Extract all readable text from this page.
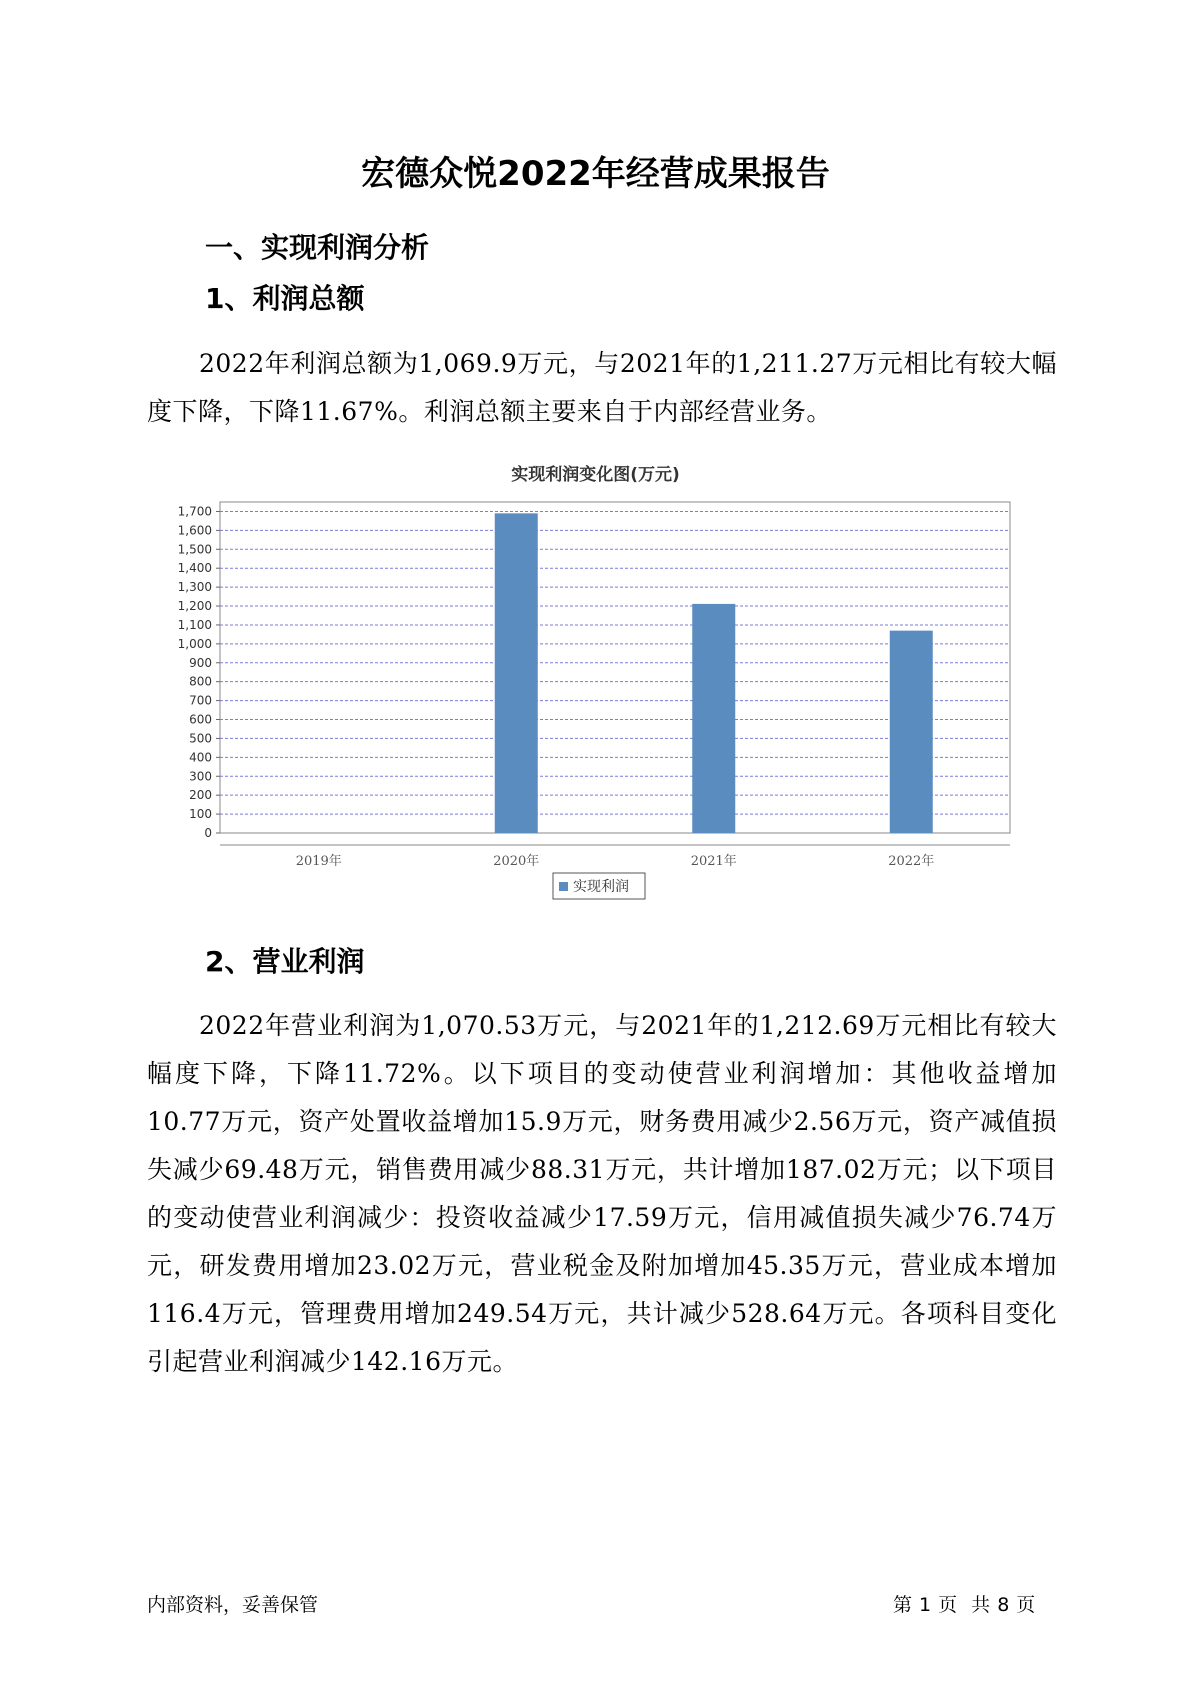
宏德众悦2022年经营成果报告
一、实现利润分析
1、利润总额
2022年利润总额为1,069.9万元，与2021年的1,211.27万元相比有较大幅度下降，下降11.67%。利润总额主要来自于内部经营业务。
实现利润变化图(万元)
0
100
200
300
400
500
600
700
800
900
1,000
1,100
1,200
1,300
1,400
1,500
1,600
1,700
2019年	2020年	2021年	2022年
实现利润
2、营业利润
2022年营业利润为1,070.53万元，与2021年的1,212.69万元相比有较大幅度下降，下降11.72%。以下项目的变动使营业利润增加：其他收益增加10.77万元，资产处置收益增加15.9万元，财务费用减少2.56万元，资产减值损失减少69.48万元，销售费用减少88.31万元，共计增加187.02万元；以下项目的变动使营业利润减少：投资收益减少17.59万元，信用减值损失减少76.74万元，研发费用增加23.02万元，营业税金及附加增加45.35万元，营业成本增加116.4万元，管理费用增加249.54万元，共计减少528.64万元。各项科目变化引起营业利润减少142.16万元。
内部资料，妥善保管	第 1 页 共 8 页
